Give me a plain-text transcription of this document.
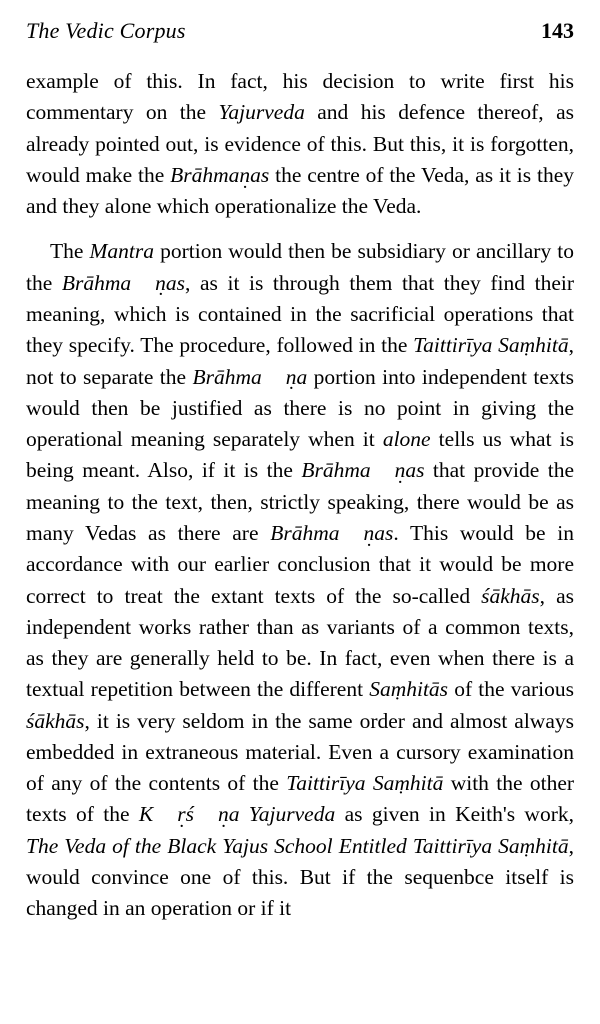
The Vedic Corpus	143

example of this. In fact, his decision to write first his commentary on the Yajurveda and his defence thereof, as already pointed out, is evidence of this. But this, it is forgotten, would make the Brāhman ·as the centre of the Veda, as it is they and they alone which operationalize the Veda.

The Mantra portion would then be subsidiary or ancillary to the Brāhma n ·as, as it is through them that they find their meaning, which is contained in the sacrificial operations that they specify. The procedure, followed in the Taittirīya Saṃhitā, not to separate the Brāhma n ·a portion into independent texts would then be justified as there is no point in giving the operational meaning separately when it alone tells us what is being meant. Also, if it is the Brāhma n ·as that provide the meaning to the text, then, strictly speaking, there would be as many Vedas as there are Brāhma n ·as. This would be in accordance with our earlier conclusion that it would be more correct to treat the extant texts of the so-called śākhās, as independent works rather than as variants of a common texts, as they are generally held to be. In fact, even when there is a textual repetition between the different Saṃhitās of the various śākhās, it is very seldom in the same order and almost always embedded in extraneous material. Even a cursory examination of any of the contents of the Taittirīya Saṃhitā with the other texts of the K r ·ś n ·a Yajurveda as given in Keith's work, The Veda of the Black Yajus School Entitled Taittirīya Saṃhitā, would convince one of this. But if the sequenbce itself is changed in an operation or if it
